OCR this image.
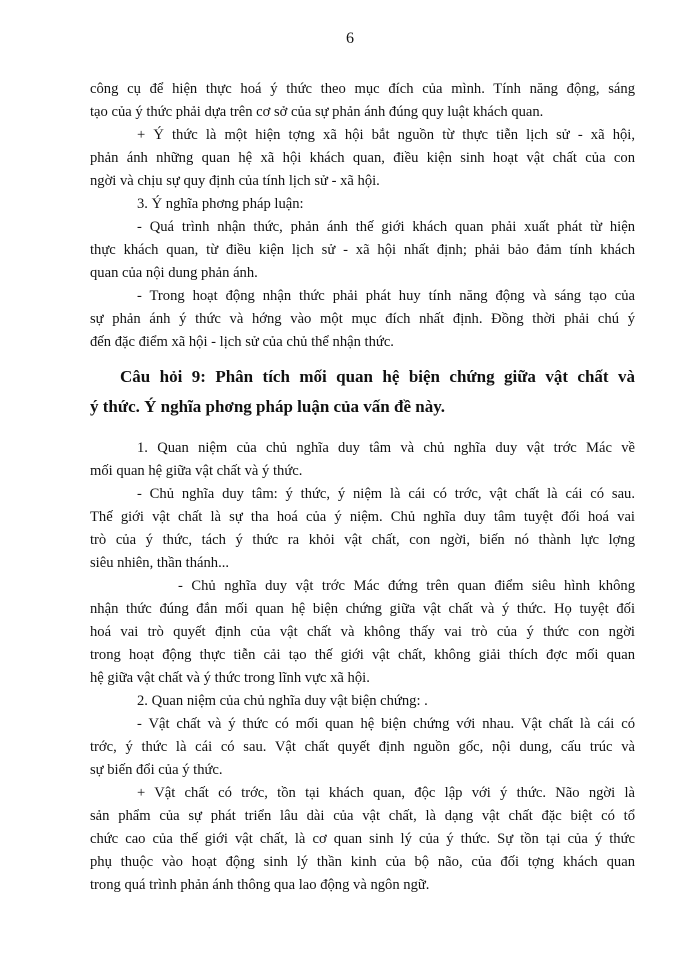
6
công cụ để hiện thực hoá ý thức theo mục đích của mình. Tính năng động, sáng
tạo của ý thức phải dựa trên cơ sở của sự phản ánh đúng quy luật khách quan.
+ Ý thức là một hiện tợng xã hội bắt nguồn từ thực tiễn lịch sử - xã hội,
phản ánh những quan hệ xã hội khách quan, điều kiện sinh hoạt vật chất của con
ngời và chịu sự quy định của tính lịch sử - xã hội.
3. Ý nghĩa phơng pháp luận:
- Quá trình nhận thức, phản ánh thế giới khách quan phải xuất phát từ hiện
thực khách quan, từ điều kiện lịch sử - xã hội nhất định; phải bảo đảm tính khách
quan của nội dung phản ánh.
- Trong hoạt động nhận thức phải phát huy tính năng động và sáng tạo của
sự phản ánh ý thức và hớng vào một mục đích nhất định. Đồng thời phải chú ý
đến đặc điểm xã hội - lịch sử của chủ thể nhận thức.
Câu hỏi 9: Phân tích mối quan hệ biện chứng giữa vật chất và
ý thức. Ý nghĩa phơng pháp luận của vấn đề này.
1. Quan niệm của chủ nghĩa duy tâm và chủ nghĩa duy vật trớc Mác về
mối quan hệ giữa vật chất và ý thức.
- Chủ nghĩa duy tâm: ý thức, ý niệm là cái có trớc, vật chất là cái có sau.
Thế giới vật chất là sự tha hoá của ý niệm. Chủ nghĩa duy tâm tuyệt đối hoá vai
trò của ý thức, tách ý thức ra khỏi vật chất, con ngời, biến nó thành lực lợng
siêu nhiên, thần thánh...
- Chủ nghĩa duy vật trớc Mác đứng trên quan điểm siêu hình không
nhận thức đúng đắn mối quan hệ biện chứng giữa vật chất và ý thức. Họ tuyệt đối
hoá vai trò quyết định của vật chất và không thấy vai trò của ý thức con ngời
trong hoạt động thực tiễn cải tạo thế giới vật chất, không giải thích đợc mối quan
hệ giữa vật chất và ý thức trong lĩnh vực xã hội.
2. Quan niệm của chủ nghĩa duy vật biện chứng: .
- Vật chất và ý thức có mối quan hệ biện chứng với nhau. Vật chất là cái có
trớc, ý thức là cái có sau. Vật chất quyết định nguồn gốc, nội dung, cấu trúc và
sự biến đổi của ý thức.
+ Vật chất có trớc, tồn tại khách quan, độc lập với ý thức. Não ngời là
sản phẩm của sự phát triển lâu dài của vật chất, là dạng vật chất đặc biệt có tổ
chức cao của thế giới vật chất, là cơ quan sinh lý của ý thức. Sự tồn tại của ý thức
phụ thuộc vào hoạt động sinh lý thần kinh của bộ não, của đối tợng khách quan
trong quá trình phản ánh thông qua lao động và ngôn ngữ.
